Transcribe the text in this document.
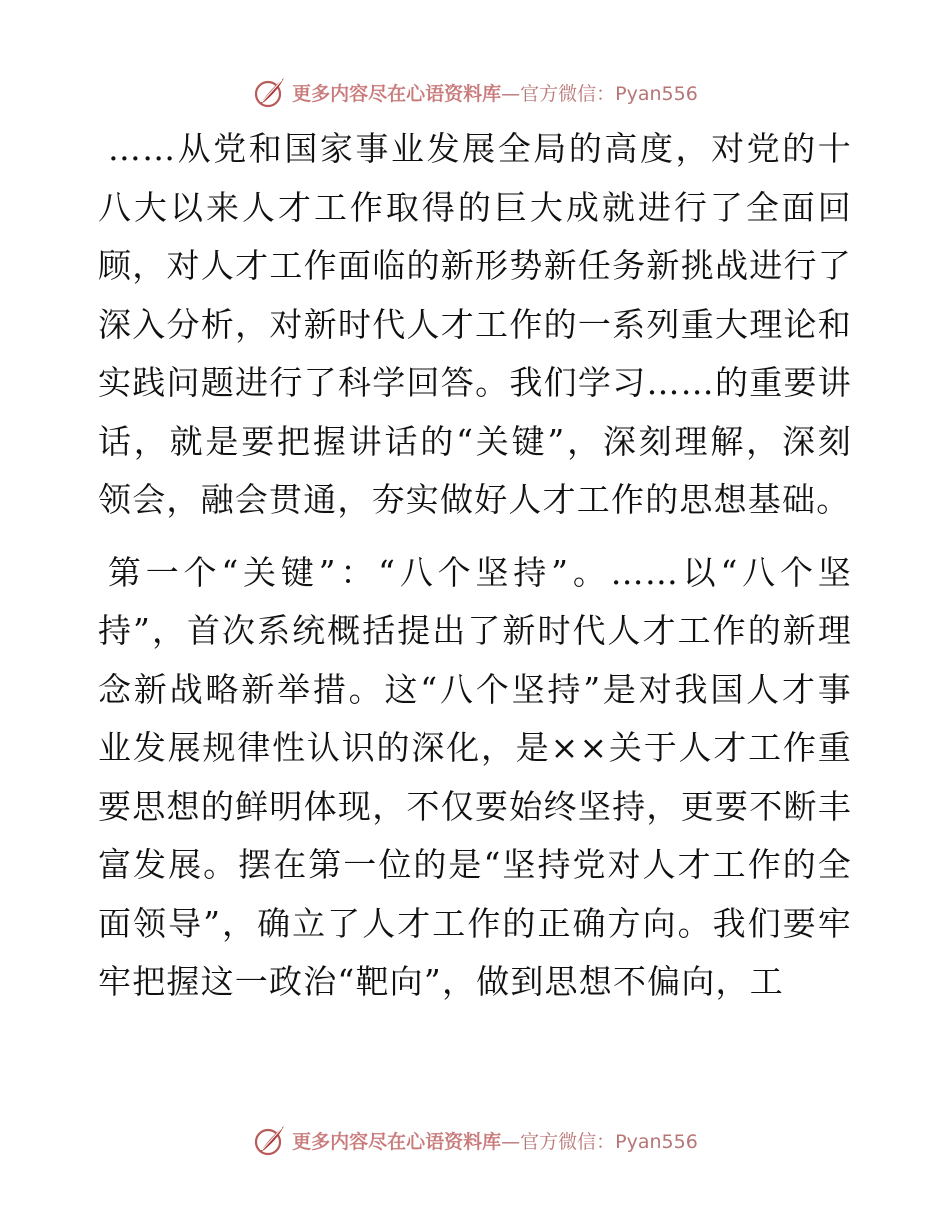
更多内容尽在心语资料库 —官方微信：Pyan556

……从党和国家事业发展全局的高度，对党的十八大以来人才工作取得的巨大成就进行了全面回顾，对人才工作面临的新形势新任务新挑战进行了深入分析，对新时代人才工作的一系列重大理论和实践问题进行了科学回答。我们学习……的重要讲话，就是要把握讲话的“关键”，深刻理解，深刻领会，融会贯通，夯实做好人才工作的思想基础。

第一个“关键”：“八个坚持”。……以“八个坚持”，首次系统概括提出了新时代人才工作的新理念新战略新举措。这“八个坚持”是对我国人才事业发展规律性认识的深化，是××关于人才工作重要思想的鲜明体现，不仅要始终坚持，更要不断丰富发展。摆在第一位的是“坚持党对人才工作的全面领导”，确立了人才工作的正确方向。我们要牢牢把握这一政治“靶向”，做到思想不偏向，工

更多内容尽在心语资料库 —官方微信：Pyan556
